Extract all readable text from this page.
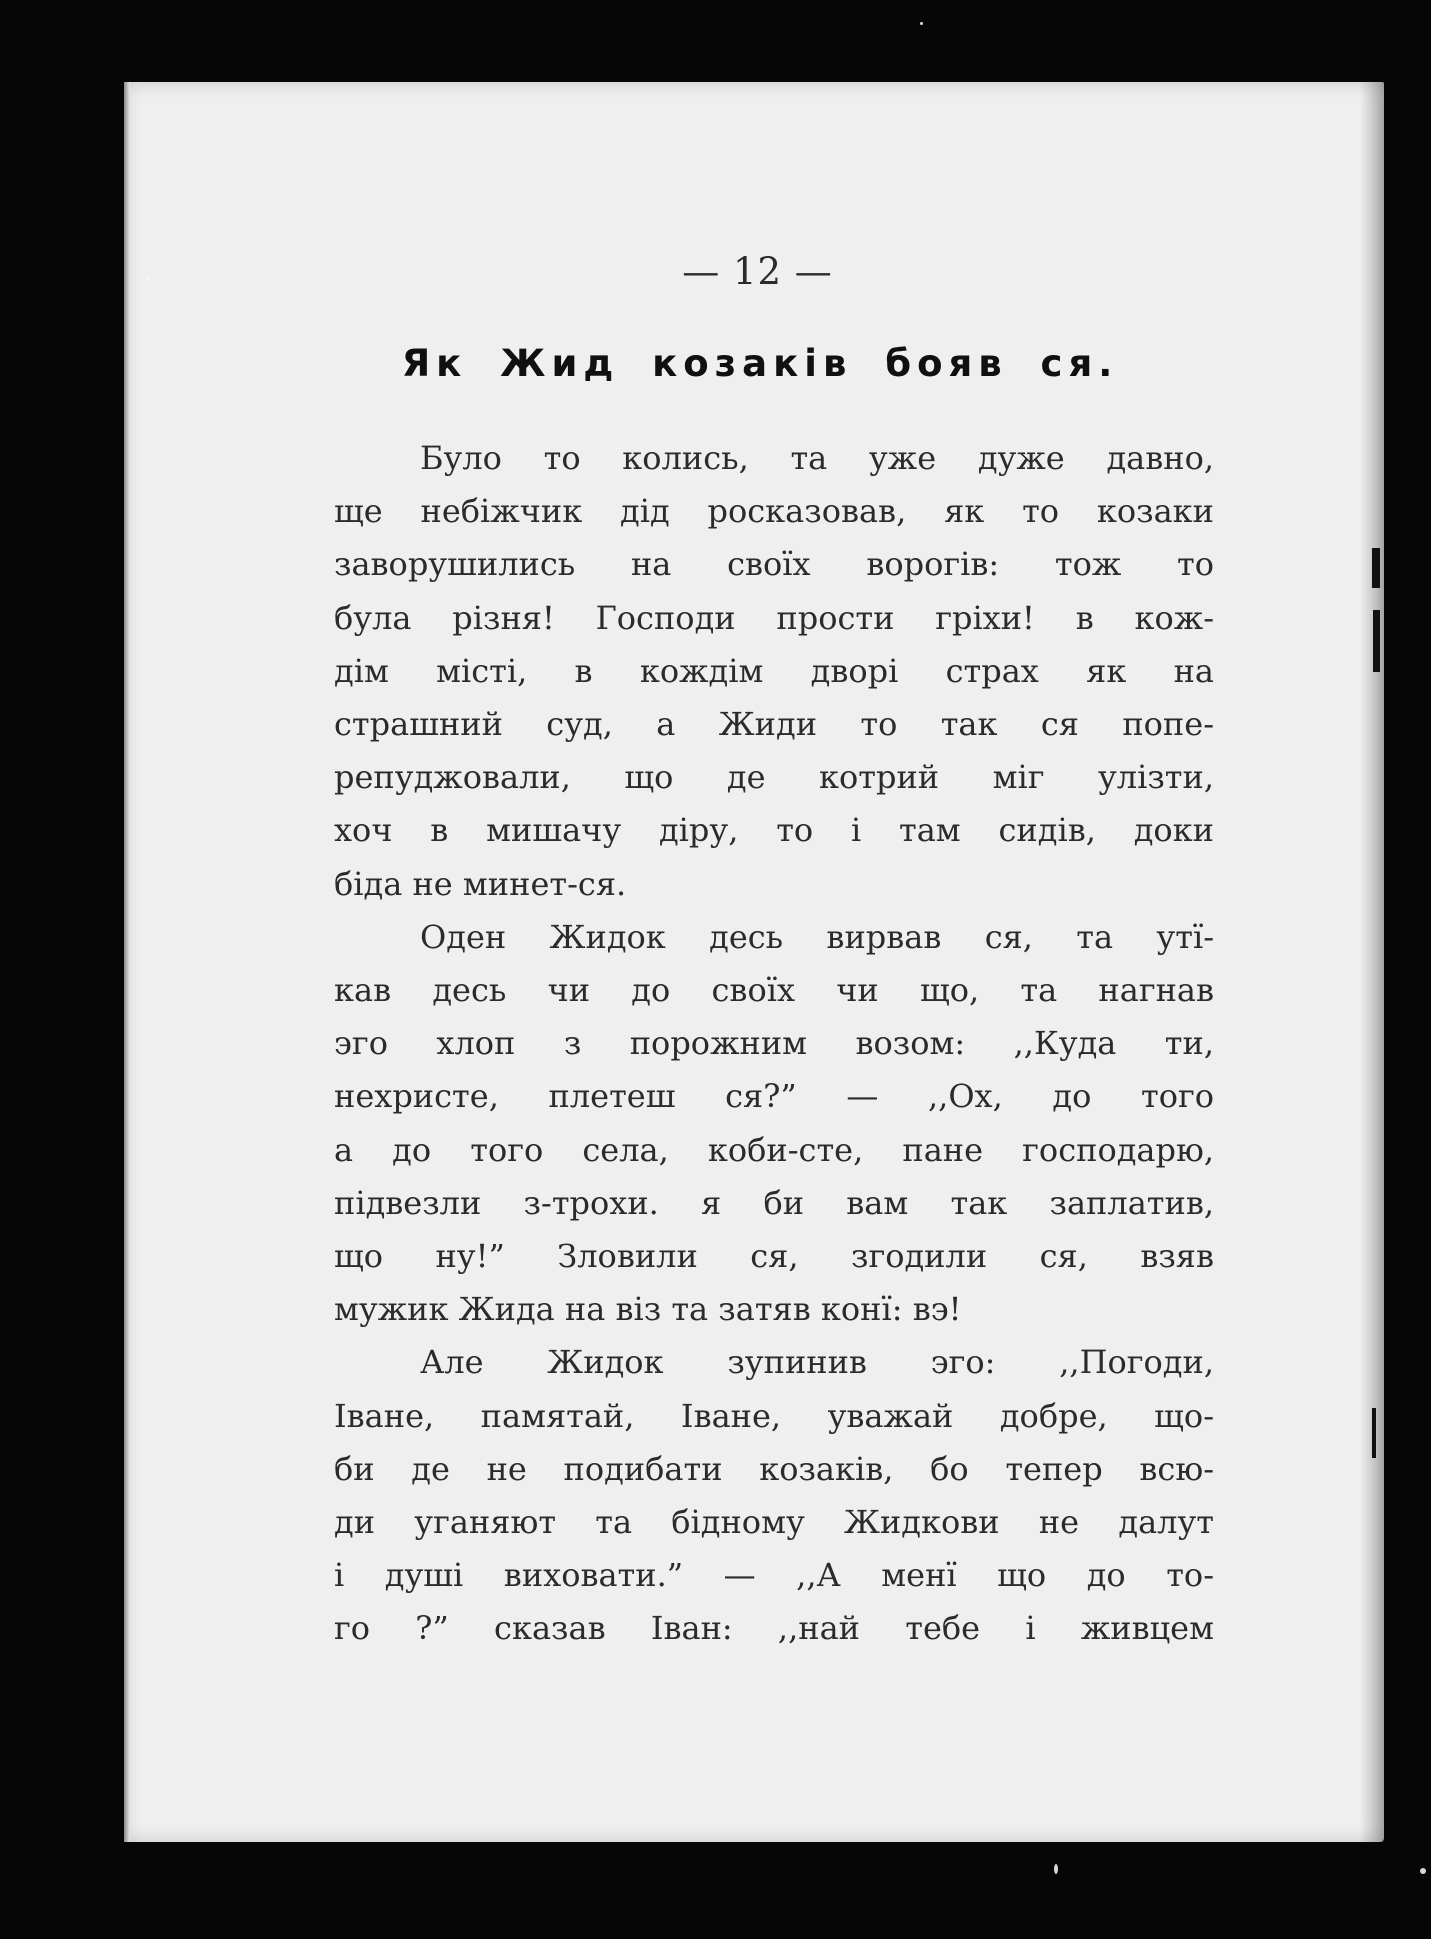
— 12 —
Як Жид козаків бояв ся.
Було то колись, та уже дуже давно,
ще небіжчик дід росказовав, як то козаки
заворушились на своїх ворогів: тож то
була різня! Господи прости гріхи! в кож-
дім місті, в кождім дворі страх як на
страшний суд, а Жиди то так ся попе-
репуджовали, що де котрий міг улізти,
хоч в мишачу діру, то і там сидів, доки
біда не минет-ся.
Оден Жидок десь вирвав ся, та утї-
кав десь чи до своїх чи що, та нагнав
эго хлоп з порожним возом: ,,Куда ти,
нехристе, плетеш ся?” — ,,Ох, до того
а до того села, коби-сте, пане господарю,
підвезли з-трохи. я би вам так заплатив,
що ну!” Зловили ся, згодили ся, взяв
мужик Жида на віз та затяв конї: вэ!
Але Жидок зупинив эго: ,,Погоди,
Іване, памятай, Іване, уважай добре, що-
би де не подибати козаків, бо тепер всю-
ди уганяют та бідному Жидкови не далут
і душі виховати.” — ,,А менї що до то-
го ?” сказав Іван: ,,най тебе і живцем
